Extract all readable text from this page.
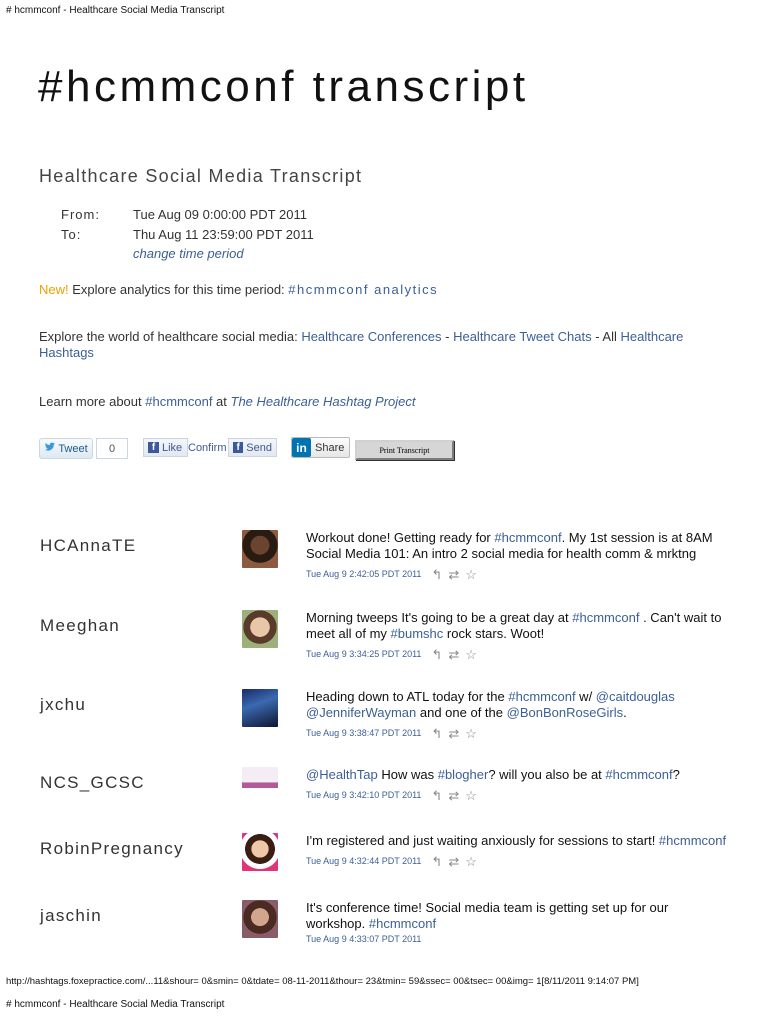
# hcmmconf - Healthcare Social Media Transcript
#hcmmconf transcript
Healthcare Social Media Transcript
From:	Tue Aug 09 0:00:00 PDT 2011
To:	Thu Aug 11 23:59:00 PDT 2011
change time period
New! Explore analytics for this time period: #hcmmconf analytics
Explore the world of healthcare social media: Healthcare Conferences - Healthcare Tweet Chats - All Healthcare
Hashtags
Learn more about #hcmmconf at The Healthcare Hashtag Project
Tweet	0	f Like Confirm f Send	in Share	Print Transcript
HCAnnaTE	Workout done! Getting ready for #hcmmconf. My 1st session is at 8AM
Social Media 101: An intro 2 social media for health comm & mrktng
Tue Aug 9 2:42:05 PDT 2011 ↰ ⇄ ☆
Meeghan	Morning tweeps It's going to be a great day at #hcmmconf . Can't wait to
meet all of my #bumshc rock stars. Woot!
Tue Aug 9 3:34:25 PDT 2011 ↰ ⇄ ☆
jxchu	Heading down to ATL today for the #hcmmconf w/ @caitdouglas
@JenniferWayman and one of the @BonBonRoseGirls.
Tue Aug 9 3:38:47 PDT 2011 ↰ ⇄ ☆
NCS_GCSC	@HealthTap How was #blogher? will you also be at #hcmmconf?
Tue Aug 9 3:42:10 PDT 2011 ↰ ⇄ ☆
RobinPregnancy	I'm registered and just waiting anxiously for sessions to start! #hcmmconf
Tue Aug 9 4:32:44 PDT 2011 ↰ ⇄ ☆
jaschin	It's conference time! Social media team is getting set up for our
workshop. #hcmmconf
Tue Aug 9 4:33:07 PDT 2011
http://hashtags.foxepractice.com/...11&shour= 0&smin= 0&tdate= 08-11-2011&thour= 23&tmin= 59&ssec= 00&tsec= 00&img= 1[8/11/2011 9:14:07 PM]
# hcmmconf - Healthcare Social Media Transcript
